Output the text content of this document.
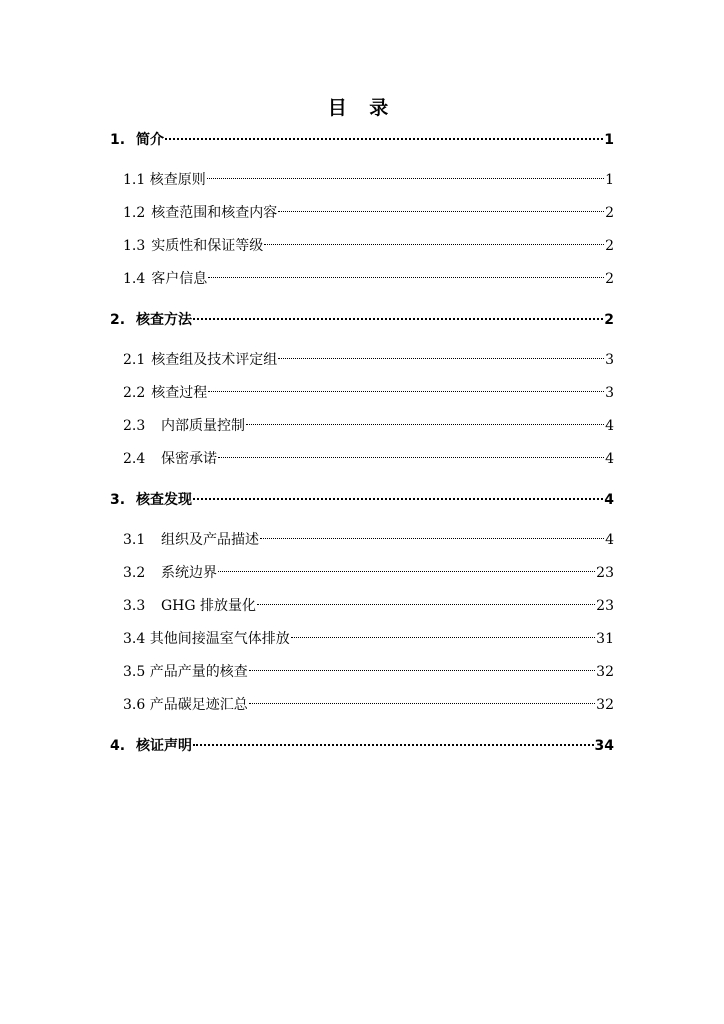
目 录
1. 简介	1
1.1 核查原则	1
1.2 核查范围和核查内容	2
1.3 实质性和保证等级	2
1.4 客户信息	2
2. 核查方法	2
2.1 核查组及技术评定组	3
2.2 核查过程	3
2.3	内部质量控制	4
2.4	保密承诺	4
3. 核查发现	4
3.1	组织及产品描述	4
3.2	系统边界	23
3.3	GHG 排放量化	23
3.4 其他间接温室气体排放	31
3.5 产品产量的核查	32
3.6 产品碳足迹汇总	32
4. 核证声明	34
